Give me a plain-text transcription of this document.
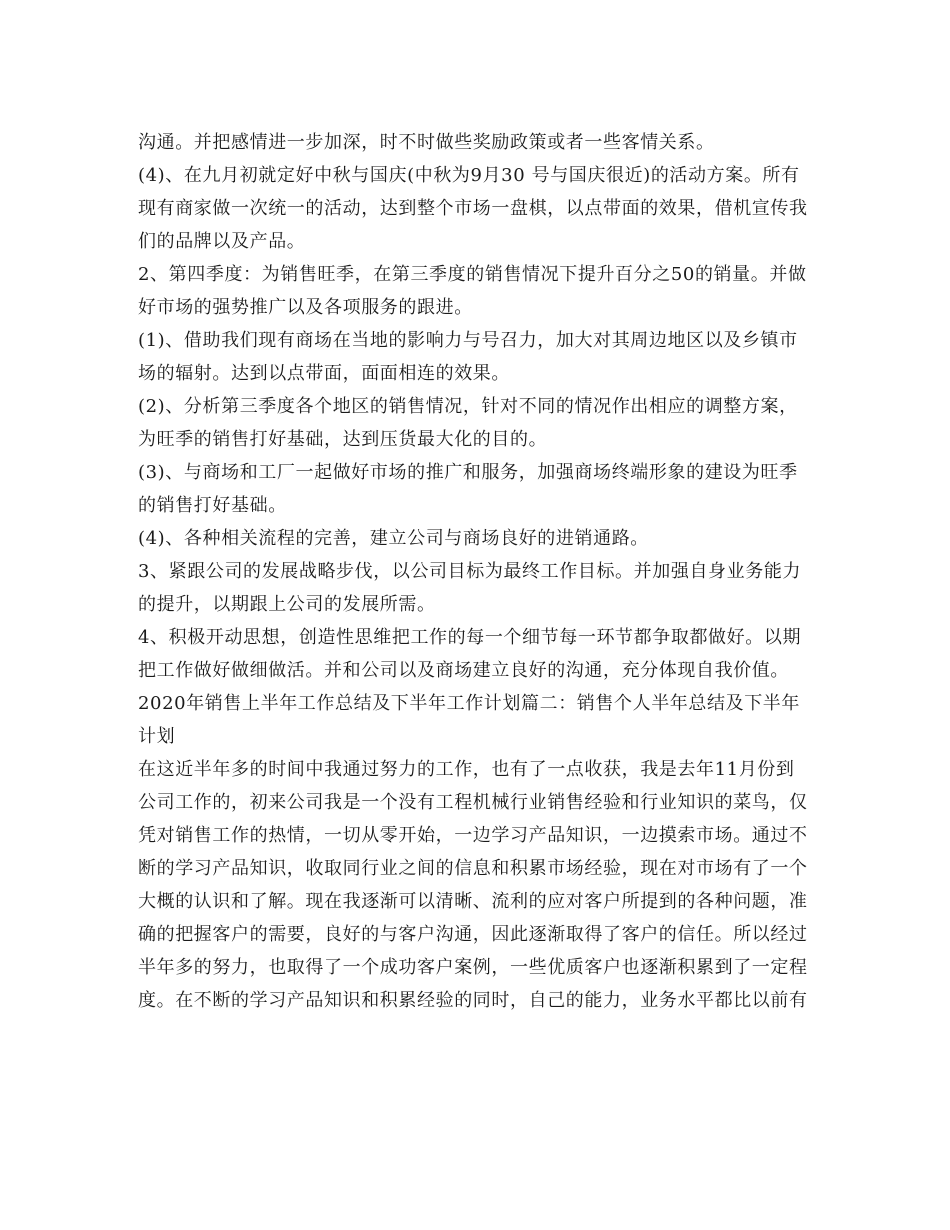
沟通。并把感情进一步加深，时不时做些奖励政策或者一些客情关系。
(4)、在九月初就定好中秋与国庆(中秋为9月30 号与国庆很近)的活动方案。所有
现有商家做一次统一的活动，达到整个市场一盘棋，以点带面的效果，借机宣传我
们的品牌以及产品。
2、第四季度：为销售旺季，在第三季度的销售情况下提升百分之50的销量。并做
好市场的强势推广以及各项服务的跟进。
(1)、借助我们现有商场在当地的影响力与号召力，加大对其周边地区以及乡镇市
场的辐射。达到以点带面，面面相连的效果。
(2)、分析第三季度各个地区的销售情况，针对不同的情况作出相应的调整方案，
为旺季的销售打好基础，达到压货最大化的目的。
(3)、与商场和工厂一起做好市场的推广和服务，加强商场终端形象的建设为旺季
的销售打好基础。
(4)、各种相关流程的完善，建立公司与商场良好的进销通路。
3、紧跟公司的发展战略步伐，以公司目标为最终工作目标。并加强自身业务能力
的提升，以期跟上公司的发展所需。
4、积极开动思想，创造性思维把工作的每一个细节每一环节都争取都做好。以期
把工作做好做细做活。并和公司以及商场建立良好的沟通，充分体现自我价值。
2020年销售上半年工作总结及下半年工作计划篇二：销售个人半年总结及下半年
计划
在这近半年多的时间中我通过努力的工作，也有了一点收获，我是去年11月份到
公司工作的，初来公司我是一个没有工程机械行业销售经验和行业知识的菜鸟，仅
凭对销售工作的热情，一切从零开始，一边学习产品知识，一边摸索市场。通过不
断的学习产品知识，收取同行业之间的信息和积累市场经验，现在对市场有了一个
大概的认识和了解。现在我逐渐可以清晰、流利的应对客户所提到的各种问题，准
确的把握客户的需要，良好的与客户沟通，因此逐渐取得了客户的信任。所以经过
半年多的努力，也取得了一个成功客户案例，一些优质客户也逐渐积累到了一定程
度。在不断的学习产品知识和积累经验的同时，自己的能力，业务水平都比以前有
